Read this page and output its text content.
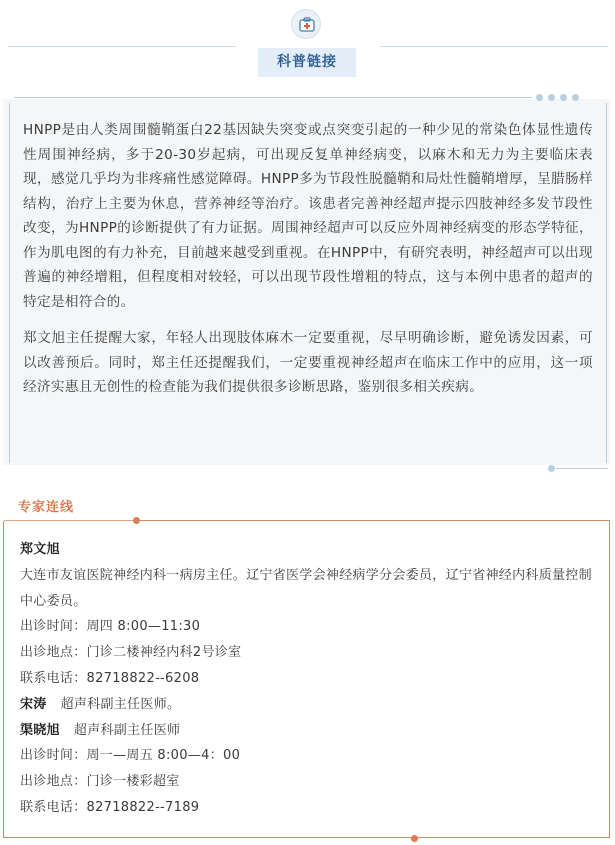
科普链接

HNPP是由人类周围髓鞘蛋白22基因缺失突变或点突变引起的一种少见的常染色体显性遗传性周围神经病，多于20-30岁起病，可出现反复单神经病变，以麻木和无力为主要临床表现，感觉几乎均为非疼痛性感觉障碍。HNPP多为节段性脱髓鞘和局灶性髓鞘增厚，呈腊肠样结构，治疗上主要为休息，营养神经等治疗。该患者完善神经超声提示四肢神经多发节段性改变，为HNPP的诊断提供了有力证据。周围神经超声可以反应外周神经病变的形态学特征，作为肌电图的有力补充，目前越来越受到重视。在HNPP中，有研究表明，神经超声可以出现普遍的神经增粗，但程度相对较轻，可以出现节段性增粗的特点，这与本例中患者的超声的特定是相符合的。

郑文旭主任提醒大家，年轻人出现肢体麻木一定要重视，尽早明确诊断，避免诱发因素，可以改善预后。同时，郑主任还提醒我们，一定要重视神经超声在临床工作中的应用，这一项经济实惠且无创性的检查能为我们提供很多诊断思路，鉴别很多相关疾病。

专家连线
郑文旭
大连市友谊医院神经内科一病房主任。辽宁省医学会神经病学分会委员，辽宁省神经内科质量控制中心委员。
出诊时间：周四 8:00—11:30
出诊地点：门诊二楼神经内科2号诊室
联系电话：82718822--6208
宋涛 超声科副主任医师。
渠晓旭 超声科副主任医师
出诊时间：周一—周五 8:00—4：00
出诊地点：门诊一楼彩超室
联系电话：82718822--7189
